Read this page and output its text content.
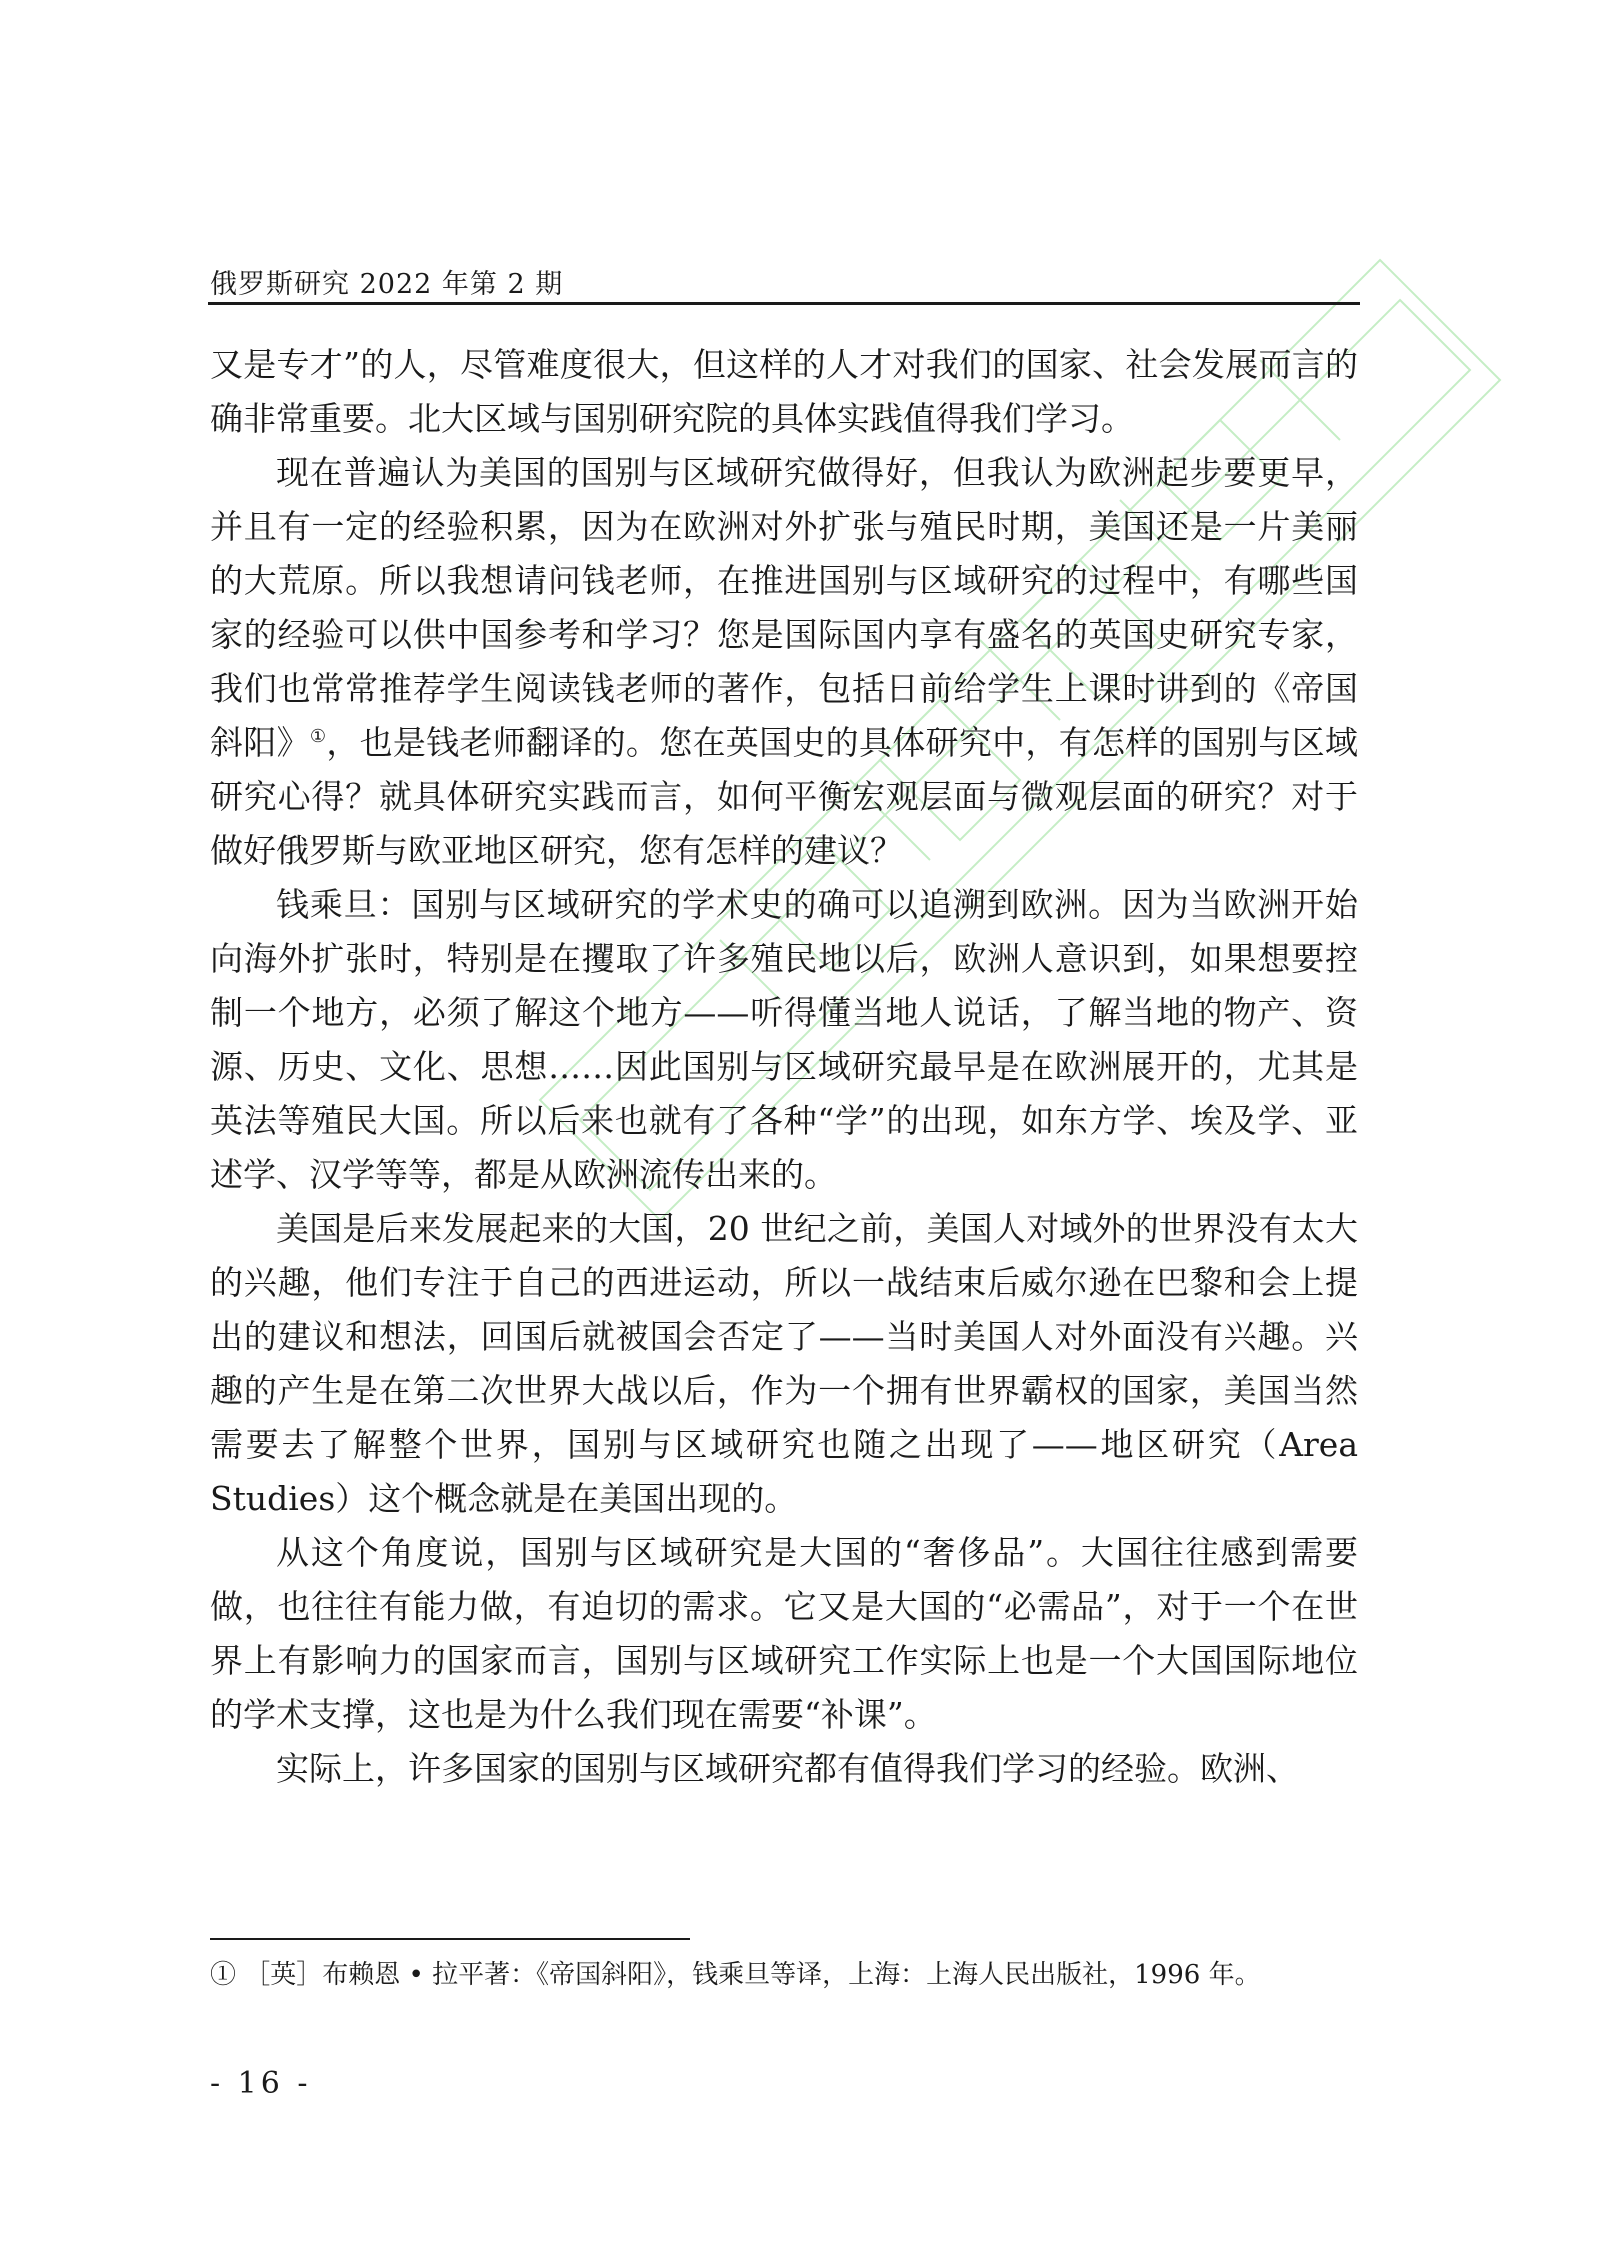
俄罗斯研究 2022 年第 2 期

又是专才”的人，尽管难度很大，但这样的人才对我们的国家、社会发展而言的确非常重要。北大区域与国别研究院的具体实践值得我们学习。

现在普遍认为美国的国别与区域研究做得好，但我认为欧洲起步要更早，并且有一定的经验积累，因为在欧洲对外扩张与殖民时期，美国还是一片美丽的大荒原。所以我想请问钱老师，在推进国别与区域研究的过程中，有哪些国家的经验可以供中国参考和学习？您是国际国内享有盛名的英国史研究专家，我们也常常推荐学生阅读钱老师的著作，包括日前给学生上课时讲到的《帝国斜阳》①，也是钱老师翻译的。您在英国史的具体研究中，有怎样的国别与区域研究心得？就具体研究实践而言，如何平衡宏观层面与微观层面的研究？对于做好俄罗斯与欧亚地区研究，您有怎样的建议？

钱乘旦：国别与区域研究的学术史的确可以追溯到欧洲。因为当欧洲开始向海外扩张时，特别是在攫取了许多殖民地以后，欧洲人意识到，如果想要控制一个地方，必须了解这个地方——听得懂当地人说话，了解当地的物产、资源、历史、文化、思想……因此国别与区域研究最早是在欧洲展开的，尤其是英法等殖民大国。所以后来也就有了各种“学”的出现，如东方学、埃及学、亚述学、汉学等等，都是从欧洲流传出来的。

美国是后来发展起来的大国，20 世纪之前，美国人对域外的世界没有太大的兴趣，他们专注于自己的西进运动，所以一战结束后威尔逊在巴黎和会上提出的建议和想法，回国后就被国会否定了——当时美国人对外面没有兴趣。兴趣的产生是在第二次世界大战以后，作为一个拥有世界霸权的国家，美国当然需要去了解整个世界，国别与区域研究也随之出现了——地区研究（Area Studies）这个概念就是在美国出现的。

从这个角度说，国别与区域研究是大国的“奢侈品”。大国往往感到需要做，也往往有能力做，有迫切的需求。它又是大国的“必需品”，对于一个在世界上有影响力的国家而言，国别与区域研究工作实际上也是一个大国国际地位的学术支撑，这也是为什么我们现在需要“补课”。

实际上，许多国家的国别与区域研究都有值得我们学习的经验。欧洲、

① ［英］布赖恩 • 拉平著：《帝国斜阳》，钱乘旦等译，上海：上海人民出版社，1996 年。
- 16 -
